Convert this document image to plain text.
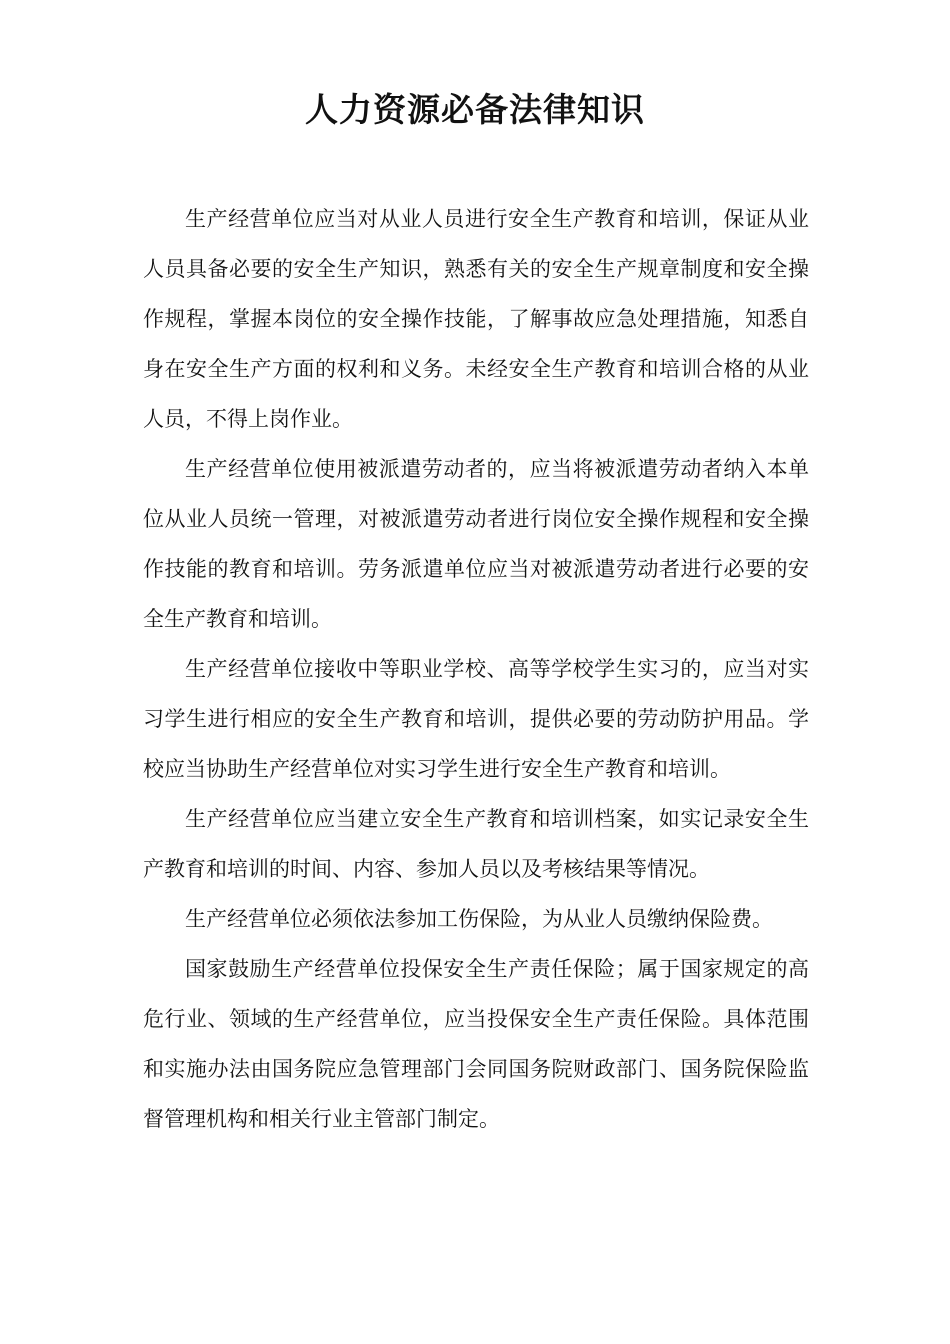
人力资源必备法律知识

生产经营单位应当对从业人员进行安全生产教育和培训，保证从业人员具备必要的安全生产知识，熟悉有关的安全生产规章制度和安全操作规程，掌握本岗位的安全操作技能，了解事故应急处理措施，知悉自身在安全生产方面的权利和义务。未经安全生产教育和培训合格的从业人员，不得上岗作业。

生产经营单位使用被派遣劳动者的，应当将被派遣劳动者纳入本单位从业人员统一管理，对被派遣劳动者进行岗位安全操作规程和安全操作技能的教育和培训。劳务派遣单位应当对被派遣劳动者进行必要的安全生产教育和培训。

生产经营单位接收中等职业学校、高等学校学生实习的，应当对实习学生进行相应的安全生产教育和培训，提供必要的劳动防护用品。学校应当协助生产经营单位对实习学生进行安全生产教育和培训。

生产经营单位应当建立安全生产教育和培训档案，如实记录安全生产教育和培训的时间、内容、参加人员以及考核结果等情况。

生产经营单位必须依法参加工伤保险，为从业人员缴纳保险费。

国家鼓励生产经营单位投保安全生产责任保险；属于国家规定的高危行业、领域的生产经营单位，应当投保安全生产责任保险。具体范围和实施办法由国务院应急管理部门会同国务院财政部门、国务院保险监督管理机构和相关行业主管部门制定。
